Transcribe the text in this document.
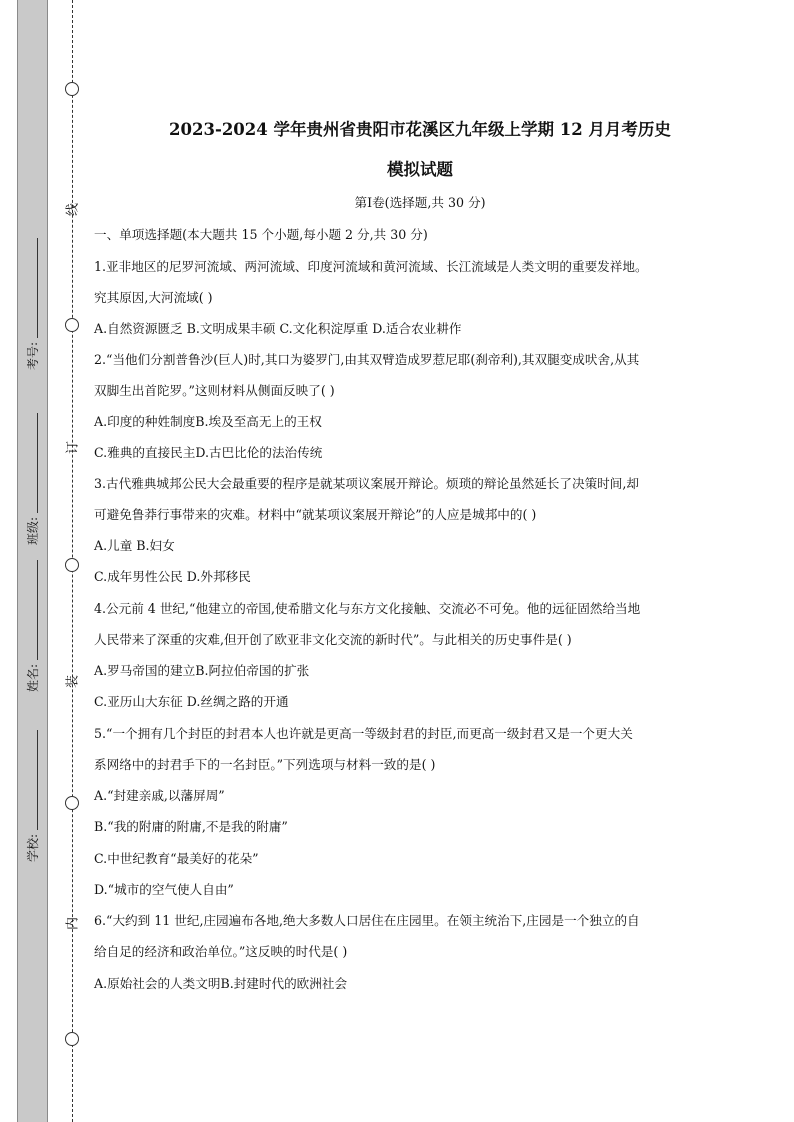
线
订
装
内
考号:
班级:
姓名:
学校:
2023-2024 学年贵州省贵阳市花溪区九年级上学期 12 月月考历史
模拟试题
第Ⅰ卷(选择题,共 30 分)
一、单项选择题(本大题共 15 个小题,每小题 2 分,共 30 分)
1.亚非地区的尼罗河流域、两河流域、印度河流域和黄河流域、长江流域是人类文明的重要发祥地。
究其原因,大河流域( )
A.自然资源匮乏 B.文明成果丰硕 C.文化积淀厚重 D.适合农业耕作
2.“当他们分割普鲁沙(巨人)时,其口为婆罗门,由其双臂造成罗惹尼耶(刹帝利),其双腿变成吠舍,从其
双脚生出首陀罗。”这则材料从侧面反映了( )
A.印度的种姓制度B.埃及至高无上的王权
C.雅典的直接民主D.古巴比伦的法治传统
3.古代雅典城邦公民大会最重要的程序是就某项议案展开辩论。烦琐的辩论虽然延长了决策时间,却
可避免鲁莽行事带来的灾难。材料中“就某项议案展开辩论”的人应是城邦中的( )
A.儿童 B.妇女
C.成年男性公民 D.外邦移民
4.公元前 4 世纪,“他建立的帝国,使希腊文化与东方文化接触、交流必不可免。他的远征固然给当地
人民带来了深重的灾难,但开创了欧亚非文化交流的新时代”。与此相关的历史事件是( )
A.罗马帝国的建立B.阿拉伯帝国的扩张
C.亚历山大东征 D.丝绸之路的开通
5.“一个拥有几个封臣的封君本人也许就是更高一等级封君的封臣,而更高一级封君又是一个更大关
系网络中的封君手下的一名封臣。”下列选项与材料一致的是( )
A.“封建亲戚,以藩屏周”
B.“我的附庸的附庸,不是我的附庸”
C.中世纪教育“最美好的花朵”
D.“城市的空气使人自由”
6.“大约到 11 世纪,庄园遍布各地,绝大多数人口居住在庄园里。在领主统治下,庄园是一个独立的自
给自足的经济和政治单位。”这反映的时代是( )
A.原始社会的人类文明B.封建时代的欧洲社会
